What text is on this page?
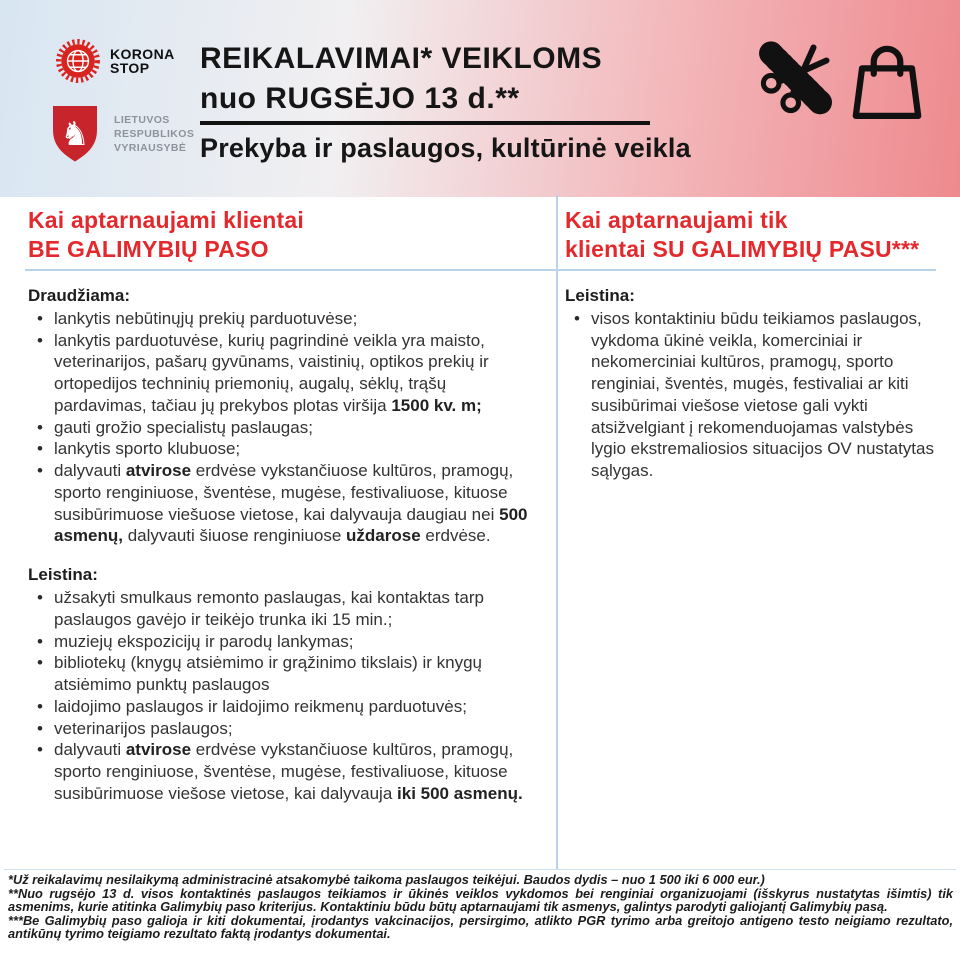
KORONA
STOP
♞ LIETUVOS
RESPUBLIKOS
VYRIAUSYBĖ
REIKALAVIMAI* VEIKLOMS
nuo RUGSĖJO 13 d.**
Prekyba ir paslaugos, kultūrinė veikla
Kai aptarnaujami klientai
BE GALIMYBIŲ PASO
Draudžiama:
• lankytis nebūtinųjų prekių parduotuvėse;
• lankytis parduotuvėse, kurių pagrindinė veikla yra maisto, veterinarijos, pašarų gyvūnams, vaistinių, optikos prekių ir ortopedijos techninių priemonių, augalų, sėklų, trąšų pardavimas, tačiau jų prekybos plotas viršija 1500 kv. m;
• gauti grožio specialistų paslaugas;
• lankytis sporto klubuose;
• dalyvauti atvirose erdvėse vykstančiuose kultūros, pramogų, sporto renginiuose, šventėse, mugėse, festivaliuose, kituose susibūrimuose viešuose vietose, kai dalyvauja daugiau nei 500 asmenų, dalyvauti šiuose renginiuose uždarose erdvėse.
Leistina:
• užsakyti smulkaus remonto paslaugas, kai kontaktas tarp paslaugos gavėjo ir teikėjo trunka iki 15 min.;
• muziejų ekspozicijų ir parodų lankymas;
• bibliotekų (knygų atsiėmimo ir grąžinimo tikslais) ir knygų atsiėmimo punktų paslaugos
• laidojimo paslaugos ir laidojimo reikmenų parduotuvės;
• veterinarijos paslaugos;
• dalyvauti atvirose erdvėse vykstančiuose kultūros, pramogų, sporto renginiuose, šventėse, mugėse, festivaliuose, kituose susibūrimuose viešose vietose, kai dalyvauja iki 500 asmenų.
Kai aptarnaujami tik
klientai SU GALIMYBIŲ PASU***
Leistina:
• visos kontaktiniu būdu teikiamos paslaugos, vykdoma ūkinė veikla, komerciniai ir nekomerciniai kultūros, pramogų, sporto renginiai, šventės, mugės, festivaliai ar kiti susibūrimai viešose vietose gali vykti atsižvelgiant į rekomenduojamas valstybės lygio ekstremaliosios situacijos OV nustatytas sąlygas.

*Už reikalavimų nesilaikymą administracinė atsakomybė taikoma paslaugos teikėjui. Baudos dydis – nuo 1 500 iki 6 000 eur.)

**Nuo rugsėjo 13 d. visos kontaktinės paslaugos teikiamos ir ūkinės veiklos vykdomos bei renginiai organizuojami (išskyrus nustatytas išimtis) tik asmenims, kurie atitinka Galimybių paso kriterijus. Kontaktiniu būdu būtų aptarnaujami tik asmenys, galintys parodyti galiojantį Galimybių pasą.

***Be Galimybių paso galioja ir kiti dokumentai, įrodantys vakcinacijos, persirgimo, atlikto PGR tyrimo arba greitojo antigeno testo neigiamo rezultato, antikūnų tyrimo teigiamo rezultato faktą įrodantys dokumentai.
